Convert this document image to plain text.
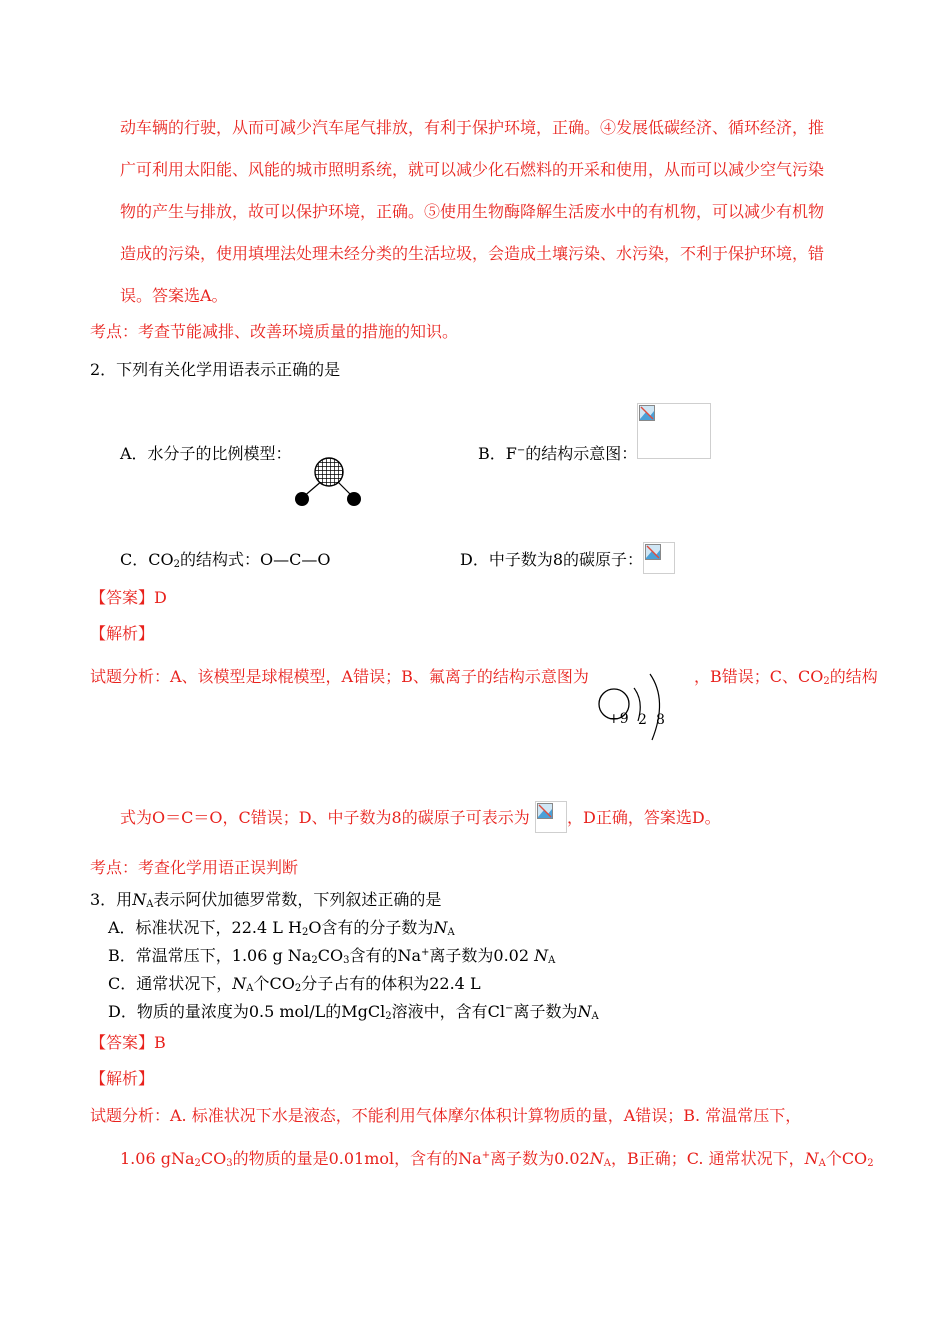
动车辆的行驶，从而可减少汽车尾气排放，有利于保护环境，正确。④发展低碳经济、循环经济，推
广可利用太阳能、风能的城市照明系统，就可以减少化石燃料的开采和使用，从而可以减少空气污染
物的产生与排放，故可以保护环境，正确。⑤使用生物酶降解生活废水中的有机物，可以减少有机物
造成的污染，使用填埋法处理未经分类的生活垃圾，会造成土壤污染、水污染，不利于保护环境，错
误。答案选A。
考点：考查节能减排、改善环境质量的措施的知识。
2．下列有关化学用语表示正确的是
A．水分子的比例模型：	B．F−的结构示意图：
C．$CO_2$的结构式：O—C—O	D．中子数为8的碳原子：
【答案】D
【解析】
试题分析：A、该模型是球棍模型，A错误；B、氟离子的结构示意图为
+9 2 8
，B错误；C、$CO_2$的结构
式为O＝C＝O，C错误；D、中子数为8的碳原子可表示为 ，D正确，答案选D。
考点：考查化学用语正误判断
3．用$N_A$表示阿伏加德罗常数，下列叙述正确的是
A．标准状况下，22.4 L $H_2O$含有的分子数为$N_A$
B．常温常压下，1.06 g $Na_2CO_3$含有的Na+离子数为0.02 $N_A$
C．通常状况下，$N_A$个$CO_2$分子占有的体积为22.4 L
D．物质的量浓度为0.5 mol/L的MgCl$_2$溶液中，含有Cl−离子数为$N_A$
【答案】B
【解析】
试题分析：A. 标准状况下水是液态，不能利用气体摩尔体积计算物质的量，A错误；B. 常温常压下，
1.06 $gNa_2CO_3$的物质的量是0.01mol，含有的Na+离子数为$0.02N_A$，B正确；C. 通常状况下，$N_A$个$CO_2$
